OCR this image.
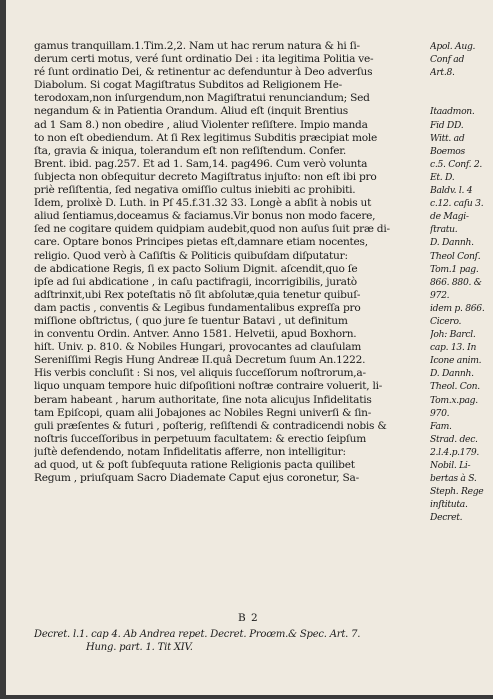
gamus tranquillam.1.Tim.2,2. Nam ut hac rerum natura & hi ſi-
derum certi motus, veré ſunt ordinatio Dei : ita legitima Politia ve-
ré ſunt ordinatio Dei, & retinentur ac defenduntur à Deo adverſus
Diabolum. Si cogat Magiſtratus Subditos ad Religionem He-
terodoxam,non inſurgendum,non Magiſtratui renunciandum; Sed
negandum & in Patientia Orandum. Aliud eſt (inquit Brentius
ad 1 Sam 8.) non obedire , aliud Violenter reſiſtere. Impio manda
to non eſt obediendum. At ſi Rex legitimus Subditis præcipiat mole
ſta, gravia & iniqua, tolerandum eſt non reſiſtendum. Confer.
Brent. ibid. pag.257. Et ad 1. Sam,14. pag496. Cum verò volunta
ſubjecta non obſequitur decreto Magiſtratus injuſto: non eſt ibi pro
priè reſiſtentia, ſed negativa omiſſio cultus iniebiti ac prohibiti.
Idem, prolixè D. Luth. in Pſ 45.f.31.32 33. Longè a abſit à nobis ut
aliud ſentiamus,doceamus & faciamus.Vir bonus non modo facere,
ſed ne cogitare quidem quidpiam audebit,quod non auſus ſuit præ di-
care. Optare bonos Principes pietas eſt,damnare etiam nocentes,
religio. Quod verò à Caſiſtis & Politicis quibuſdam diſputatur:
de abdicatione Regis, ſi ex pacto Solium Dignit. aſcendit,quo ſe
ipſe ad ſui abdicatione , in caſu pactifragii, incorrigibilis, juratò
adſtrinxit,ubi Rex poteſtatis nō ſit abſolutæ,quia tenetur quibuſ-
dam pactis , conventis & Legibus fundamentalibus expreſſa pro
miſſione obſtrictus, ( quo jure ſe tuentur Batavi , ut definitum
in conventu Ordin. Antver. Anno 1581. Helvetii, apud Boxhorn.
hiſt. Univ. p. 810. & Nobiles Hungari, provocantes ad clauſulam
Sereniſſimi Regis Hung Andreæ II.quâ Decretum ſuum An.1222.
His verbis concluſit : Si nos, vel aliquis ſucceſſorum noſtrorum,a-
liquo unquam tempore huic diſpoſitioni noſtræ contraire voluerit, li-
beram habeant , harum authoritate, ſine nota alicujus Infidelitatis
tam Epiſcopi, quam alii Jobajones ac Nobiles Regni univerſi & ſin-
guli præſentes & futuri , poſterig, reſiſtendi & contradicendi nobis &
noſtris ſucceſſoribus in perpetuum facultatem: & erectio ſeipſum
juſtè defendendo, notam Infidelitatis afferre, non intelligitur:
ad quod, ut & poſt ſubſequuta ratione Religionis pacta quilibet
Regum , priuſquam Sacro Diademate Caput ejus coronetur, Sa-
Apol. Aug.
Conf ad
Art.8.
Itaadmon.
Fid DD.
Witt. ad
Boemos
c.5. Conf. 2.
Et. D.
Baldv. l. 4
c.12. caſu 3.
de Magi-
ſtratu.
D. Dannh.
Theol Conſ.
Tom.1 pag.
866. 880. &
972.
idem p. 866.
Cicero.
Joh: Barcl.
cap. 13. In
Icone anim.
D. Dannh.
Theol. Con.
Tom.x.pag.
970.
Fam.
Strad. dec.
2.l.4.p.179.
Nobil. Li-
bertas à S.
Steph. Rege
inſtituta.
Decret.
B 2
Decret. l.1. cap 4. Ab Andrea repet. Decret. Proœm.& Spec. Art. 7.
Hung. part. 1. Tit XIV.
